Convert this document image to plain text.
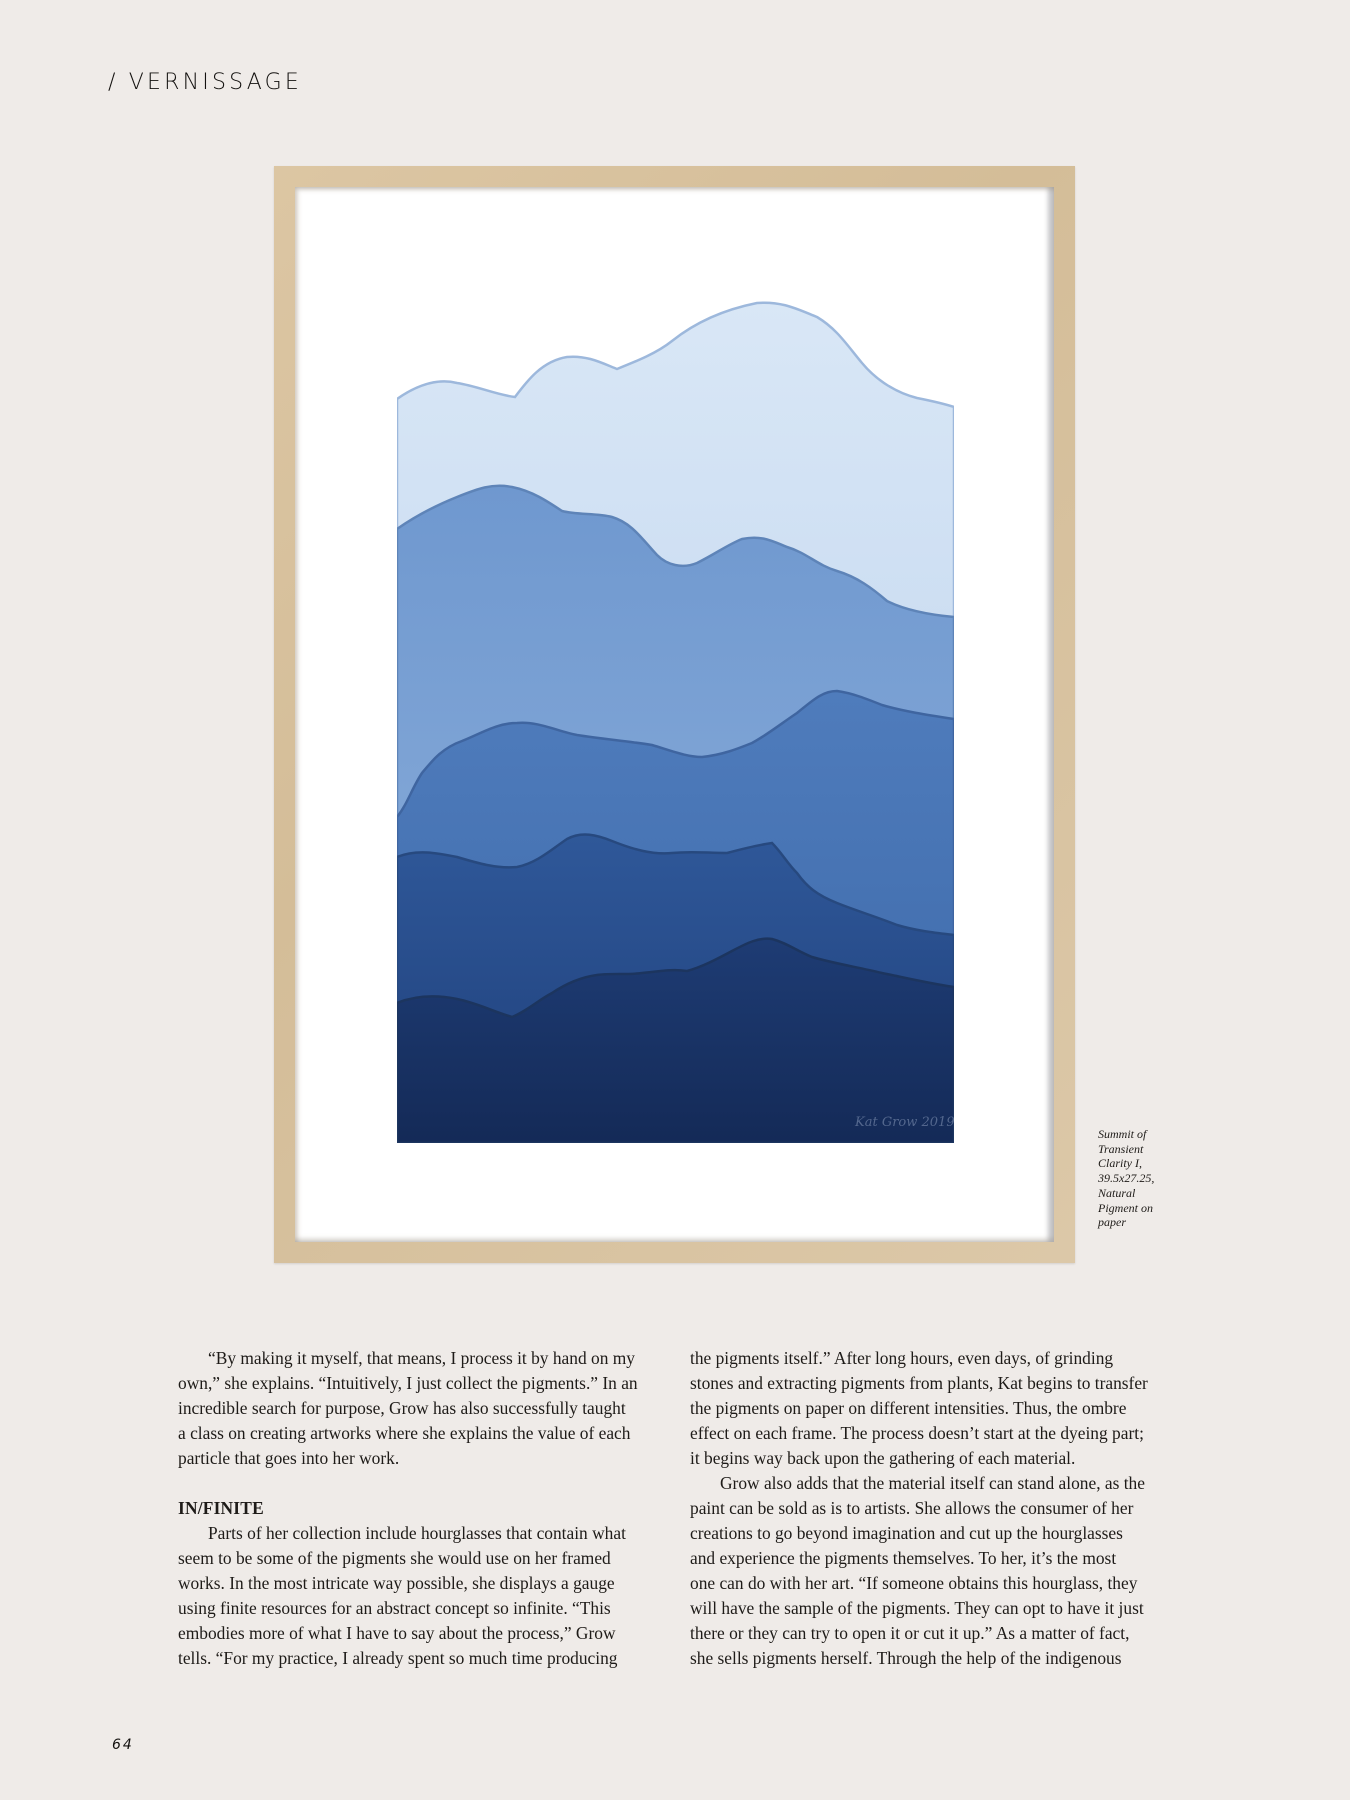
/ VERNISSAGE
Kat Grow 2019
Summit of
Transient
Clarity I,
39.5x27.25,
Natural
Pigment on
paper

“By making it myself, that means, I process it by hand on my
own,” she explains. “Intuitively, I just collect the pigments.” In an
incredible search for purpose, Grow has also successfully taught
a class on creating artworks where she explains the value of each
particle that goes into her work.

IN/FINITE

Parts of her collection include hourglasses that contain what
seem to be some of the pigments she would use on her framed
works. In the most intricate way possible, she displays a gauge
using finite resources for an abstract concept so infinite. “This
embodies more of what I have to say about the process,” Grow
tells. “For my practice, I already spent so much time producing

the pigments itself.” After long hours, even days, of grinding
stones and extracting pigments from plants, Kat begins to transfer
the pigments on paper on different intensities. Thus, the ombre
effect on each frame. The process doesn’t start at the dyeing part;
it begins way back upon the gathering of each material.

Grow also adds that the material itself can stand alone, as the
paint can be sold as is to artists. She allows the consumer of her
creations to go beyond imagination and cut up the hourglasses
and experience the pigments themselves. To her, it’s the most
one can do with her art. “If someone obtains this hourglass, they
will have the sample of the pigments. They can opt to have it just
there or they can try to open it or cut it up.” As a matter of fact,
she sells pigments herself. Through the help of the indigenous

64
